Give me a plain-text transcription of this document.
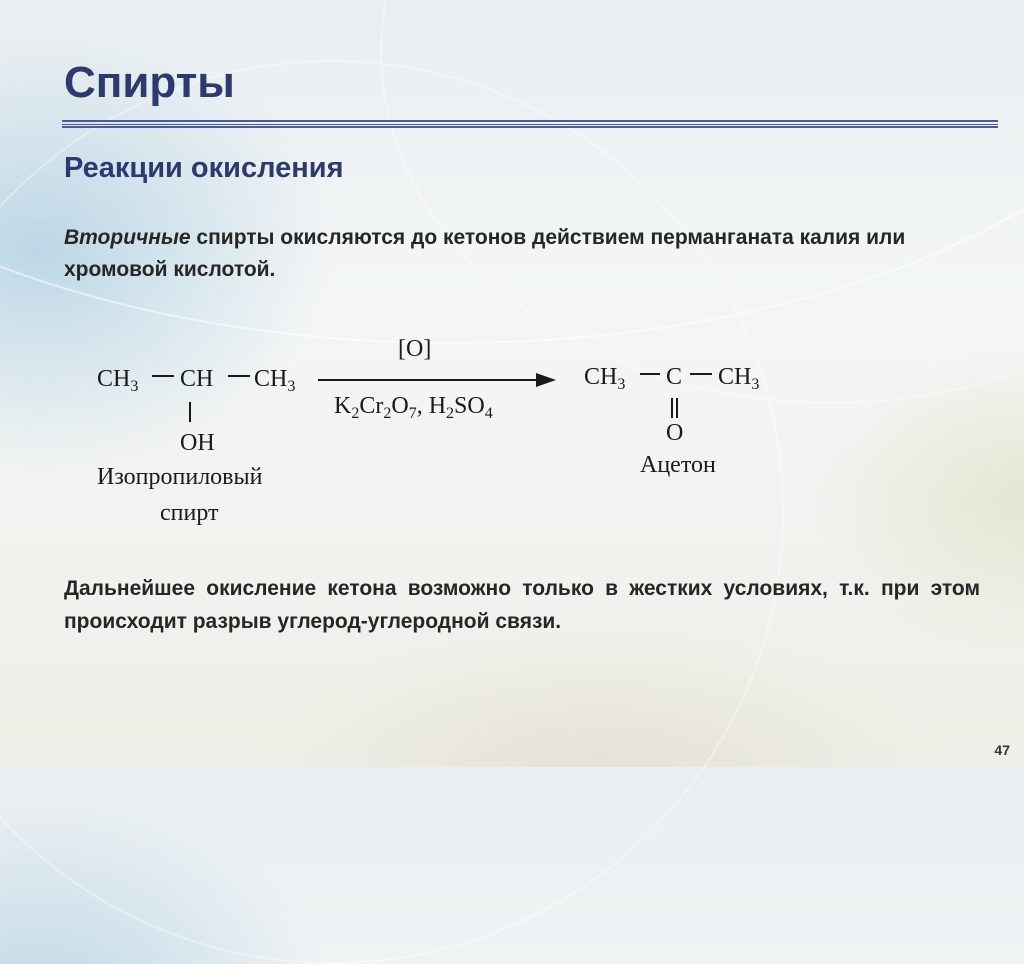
Спирты
Реакции окисления
Вторичные спирты окисляются до кетонов действием перманганата калия или хромовой кислотой.
$CH_3$ CH $CH_3$
OH
Изопропиловый
спирт
[O]
$K_2Cr_2O_7$, $H_2SO_4$
$CH_3$ C $CH_3$
O
Ацетон
Дальнейшее окисление кетона возможно только в жестких условиях, т.к. при этом происходит разрыв углерод-углеродной связи.
47
